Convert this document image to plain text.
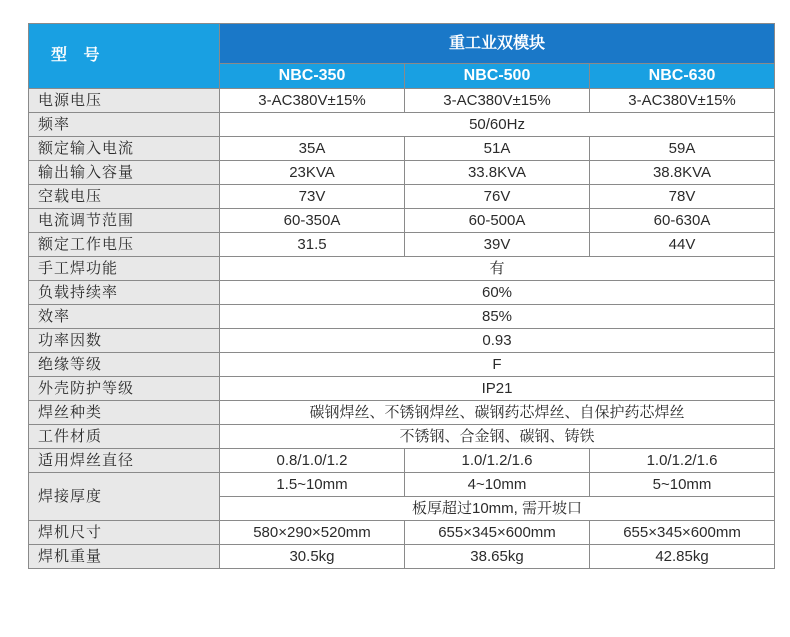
型 号	重工业双模块		
	NBC-350	NBC-500	NBC-630
电源电压	3-AC380V±15%	3-AC380V±15%	3-AC380V±15%
频率	50/60Hz		
额定输入电流	35A	51A	59A
输出输入容量	23KVA	33.8KVA	38.8KVA
空载电压	73V	76V	78V
电流调节范围	60-350A	60-500A	60-630A
额定工作电压	31.5	39V	44V
手工焊功能	有		
负载持续率	60%		
效率	85%		
功率因数	0.93		
绝缘等级	F		
外壳防护等级	IP21		
焊丝种类	碳钢焊丝、不锈钢焊丝、碳钢药芯焊丝、自保护药芯焊丝		
工件材质	不锈钢、合金钢、碳钢、铸铁		
适用焊丝直径	0.8/1.0/1.2	1.0/1.2/1.6	1.0/1.2/1.6
焊接厚度	1.5~10mm	4~10mm	5~10mm
	板厚超过10mm, 需开坡口		
焊机尺寸	580×290×520mm	655×345×600mm	655×345×600mm
焊机重量	30.5kg	38.65kg	42.85kg
